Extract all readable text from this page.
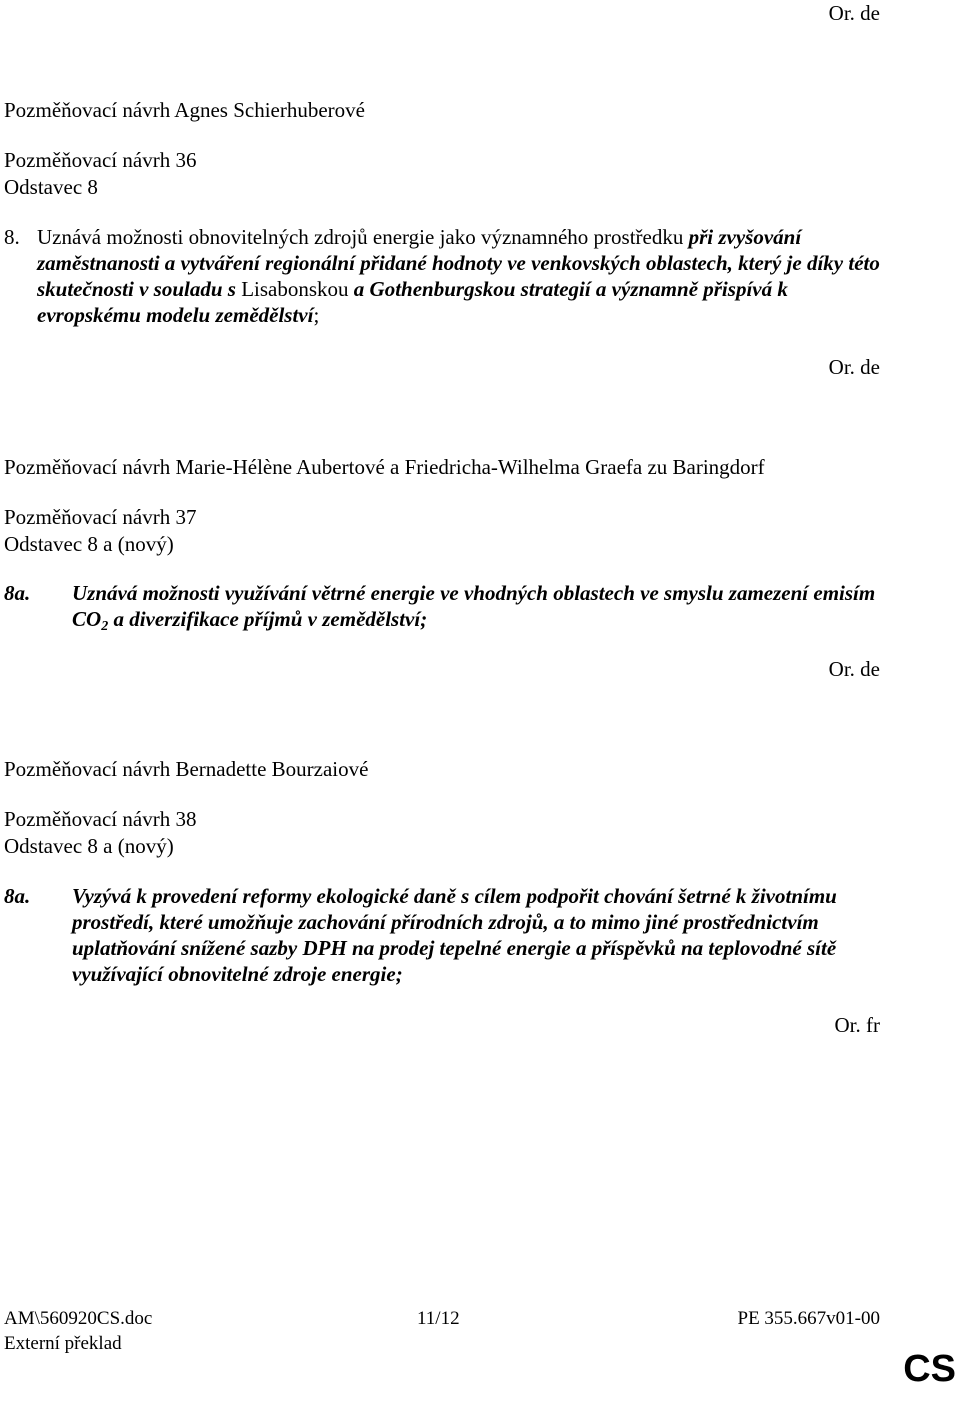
Or. de
Pozměňovací návrh Agnes Schierhuberové
Pozměňovací návrh 36
Odstavec 8
8. Uznává možnosti obnovitelných zdrojů energie jako významného prostředku při zvyšování zaměstnanosti a vytváření regionální přidané hodnoty ve venkovských oblastech, který je díky této skutečnosti v souladu s Lisabonskou a Gothenburgskou strategií a významně přispívá k evropskému modelu zemědělství;
Or. de
Pozměňovací návrh Marie-Hélène Aubertové a Friedricha-Wilhelma Graefa zu Baringdorf
Pozměňovací návrh 37
Odstavec 8 a (nový)
8a. Uznává možnosti využívání větrné energie ve vhodných oblastech ve smyslu zamezení emisím $CO_2$ a diverzifikace příjmů v zemědělství;
Or. de
Pozměňovací návrh Bernadette Bourzaiové
Pozměňovací návrh 38
Odstavec 8 a (nový)
8a. Vyzývá k provedení reformy ekologické daně s cílem podpořit chování šetrné k životnímu prostředí, které umožňuje zachování přírodních zdrojů, a to mimo jiné prostřednictvím uplatňování snížené sazby DPH na prodej tepelné energie a příspěvků na teplovodné sítě využívající obnovitelné zdroje energie;
Or. fr
AM\560920CS.doc	11/12	PE 355.667v01-00
Externí překlad
CS
